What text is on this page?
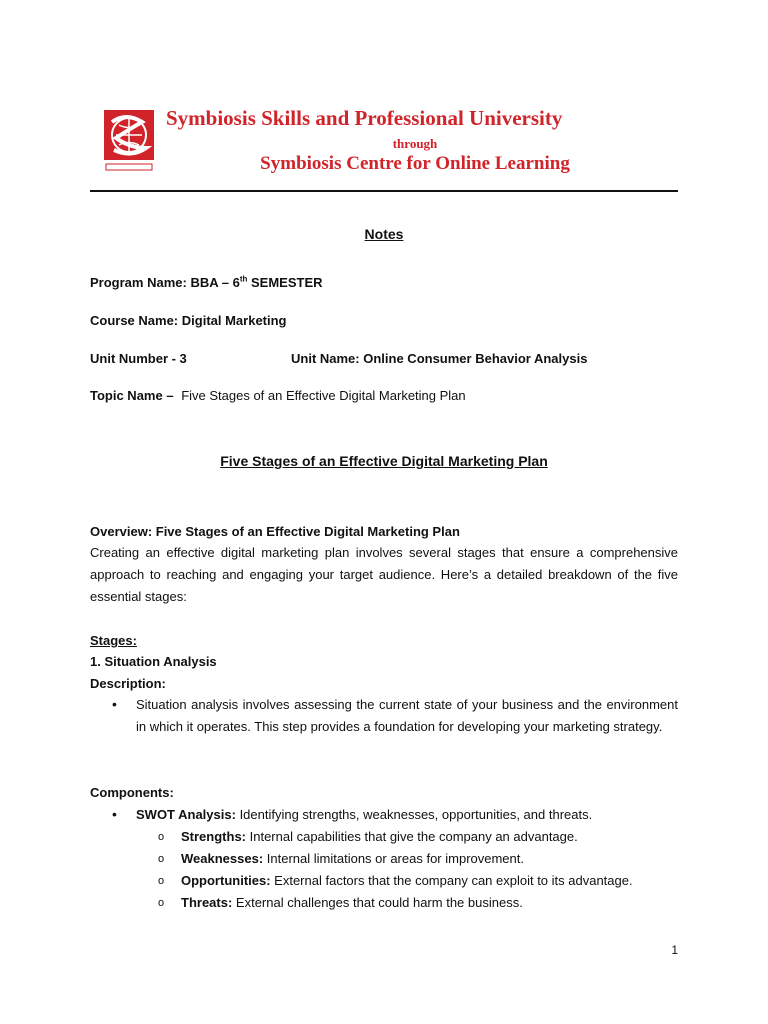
Symbiosis Skills and Professional University
through
Symbiosis Centre for Online Learning
Notes
Program Name: BBA – 6th SEMESTER
Course Name: Digital Marketing
Unit Number - 3	Unit Name: Online Consumer Behavior Analysis
Topic Name – Five Stages of an Effective Digital Marketing Plan
Five Stages of an Effective Digital Marketing Plan
Overview: Five Stages of an Effective Digital Marketing Plan
Creating an effective digital marketing plan involves several stages that ensure a comprehensive approach to reaching and engaging your target audience. Here’s a detailed breakdown of the five essential stages:
Stages:
1. Situation Analysis
Description:
• Situation analysis involves assessing the current state of your business and the environment in which it operates. This step provides a foundation for developing your marketing strategy.
Components:
• SWOT Analysis: Identifying strengths, weaknesses, opportunities, and threats.
o Strengths: Internal capabilities that give the company an advantage.
o Weaknesses: Internal limitations or areas for improvement.
o Opportunities: External factors that the company can exploit to its advantage.
o Threats: External challenges that could harm the business.
1
